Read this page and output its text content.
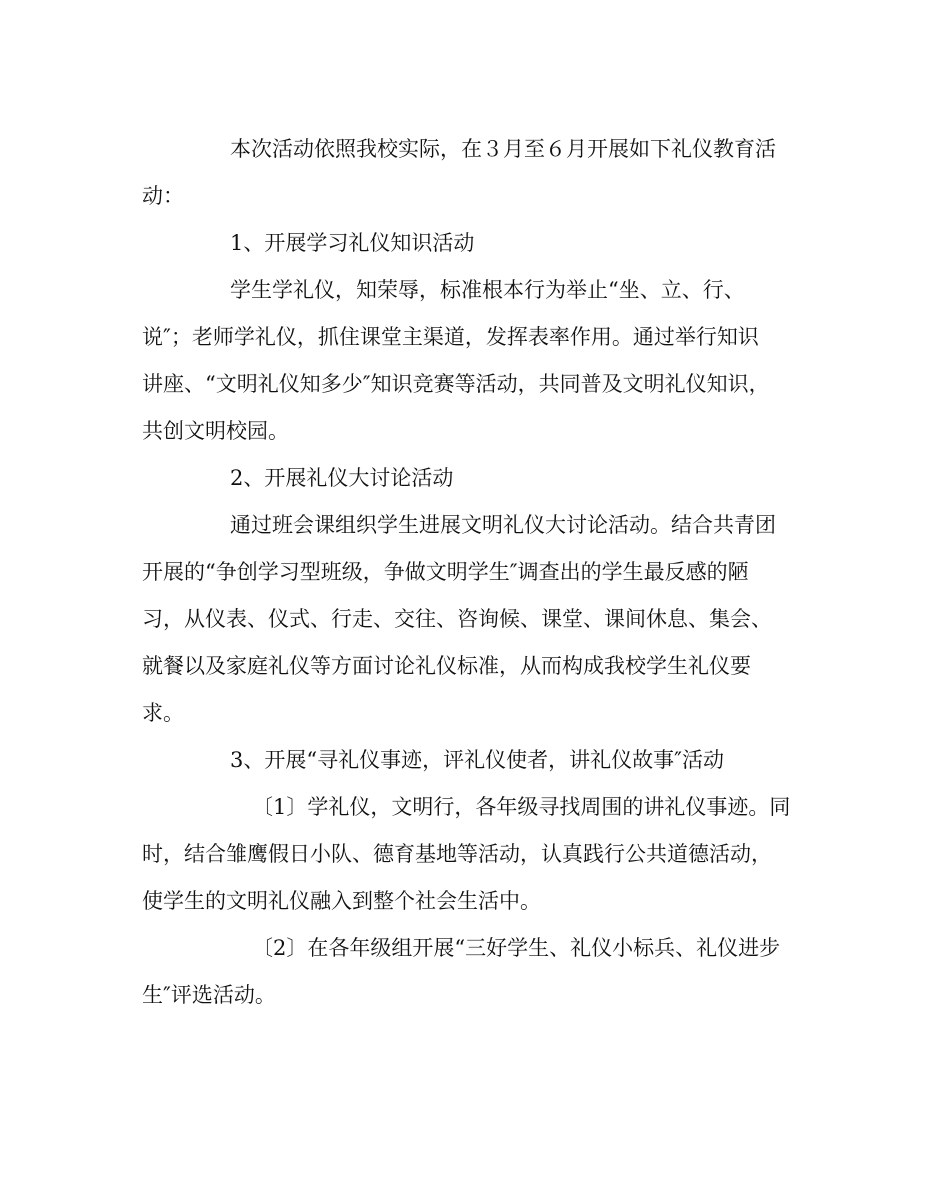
本次活动依照我校实际，在３月至６月开展如下礼仪教育活
动：
1、开展学习礼仪知识活动
学生学礼仪，知荣辱，标准根本行为举止“坐、立、行、
说″；老师学礼仪，抓住课堂主渠道，发挥表率作用。通过举行知识
讲座、“文明礼仪知多少″知识竞赛等活动，共同普及文明礼仪知识，
共创文明校园。
2、开展礼仪大讨论活动
通过班会课组织学生进展文明礼仪大讨论活动。结合共青团
开展的“争创学习型班级，争做文明学生″调查出的学生最反感的陋
习，从仪表、仪式、行走、交往、咨询候、课堂、课间休息、集会、
就餐以及家庭礼仪等方面讨论礼仪标准，从而构成我校学生礼仪要
求。
3、开展“寻礼仪事迹，评礼仪使者，讲礼仪故事″活动
〔1〕学礼仪，文明行，各年级寻找周围的讲礼仪事迹。同
时，结合雏鹰假日小队、德育基地等活动，认真践行公共道德活动，
使学生的文明礼仪融入到整个社会生活中。
〔2〕在各年级组开展“三好学生、礼仪小标兵、礼仪进步
生″评选活动。
